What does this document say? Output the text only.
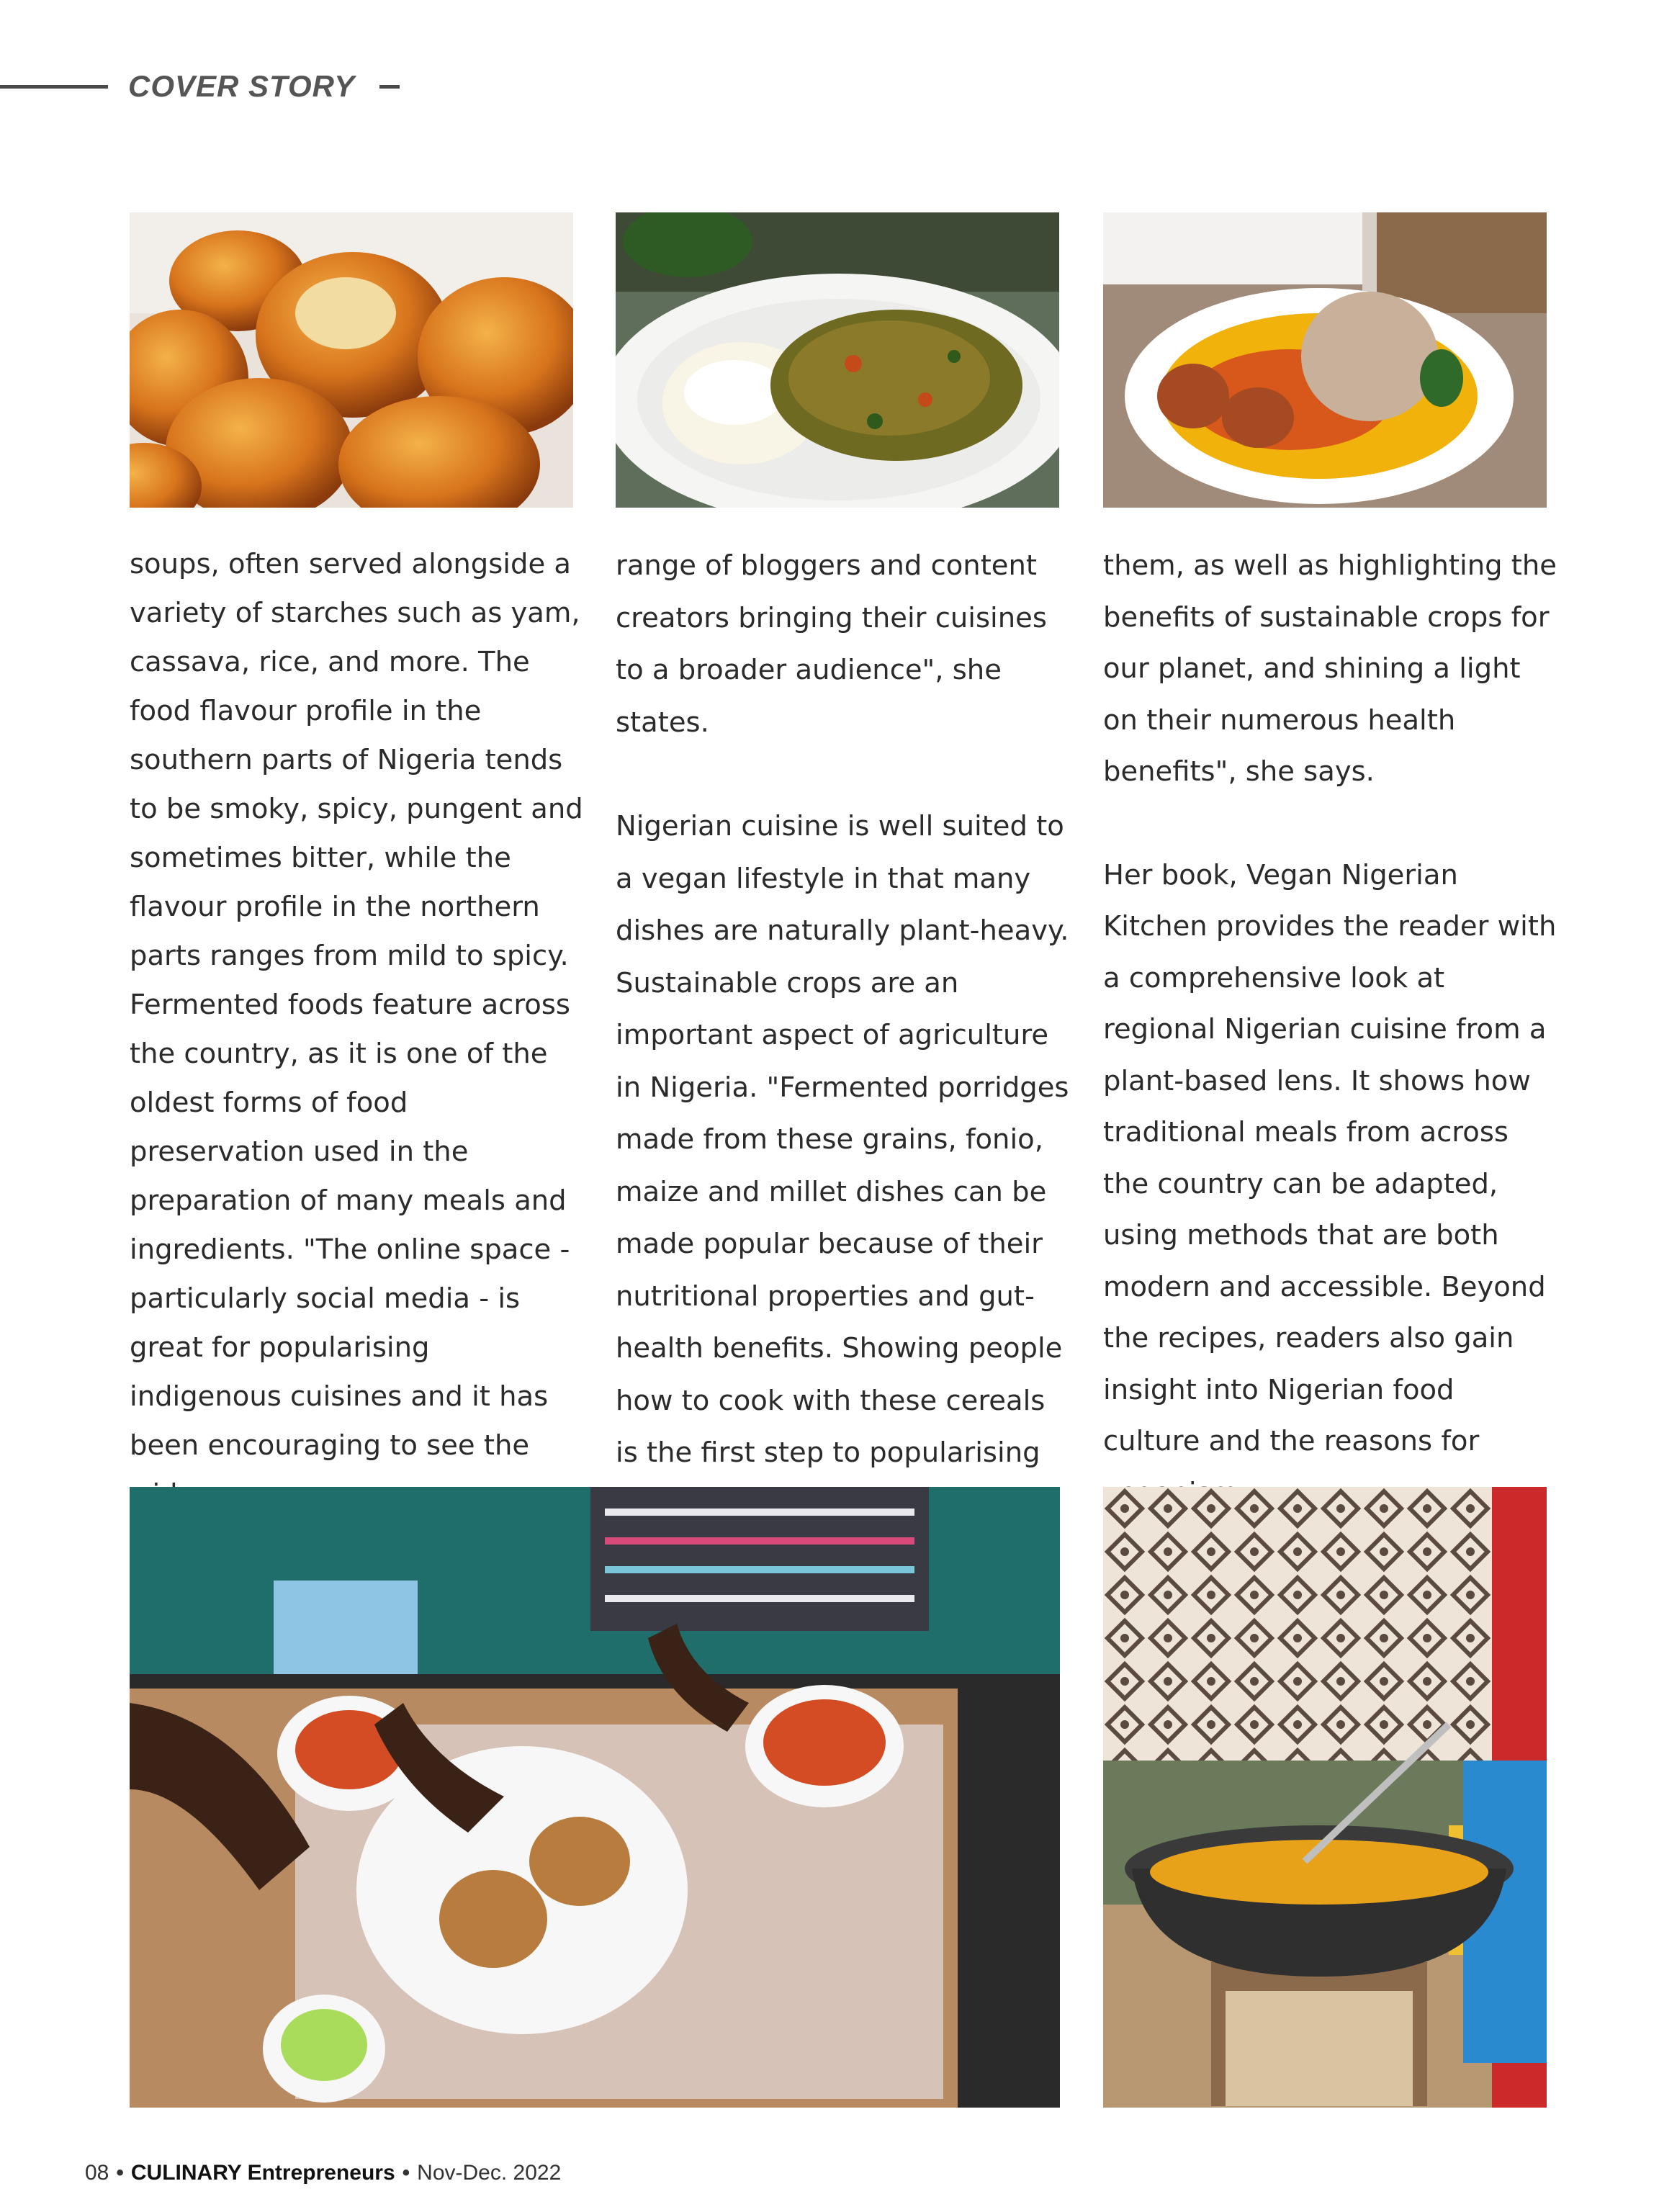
COVER STORY

soups, often served alongside a variety of starches such as yam, cassava, rice, and more. The food flavour profile in the southern parts of Nigeria tends to be smoky, spicy, pungent and sometimes bitter, while the flavour profile in the northern parts ranges from mild to spicy. Fermented foods feature across the country, as it is one of the oldest forms of food preservation used in the preparation of many meals and ingredients. "The online space - particularly social media - is great for popularising indigenous cuisines and it has been encouraging to see the

range of bloggers and content creators bringing their cuisines to a broader audience", she states.

Nigerian cuisine is well suited to a vegan lifestyle in that many dishes are naturally plant-heavy. Sustainable crops are an important aspect of agriculture in Nigeria. "Fermented porridges made from these grains, fonio, maize and millet dishes can be made popular because of their nutritional properties and gut-health benefits. Showing people how to cook with these cereals is the first step to popularising

them, as well as highlighting the benefits of sustainable crops for our planet, and shining a light on their numerous health benefits", she says.

Her book, Vegan Nigerian Kitchen provides the reader with a comprehensive look at regional Nigerian cuisine from a plant-based lens. It shows how traditional meals from across the country can be adapted, using methods that are both modern and accessible. Beyond the recipes, readers also gain insight into Nigerian food culture and the reasons for

08 • CULINARY Entrepreneurs • Nov-Dec. 2022
